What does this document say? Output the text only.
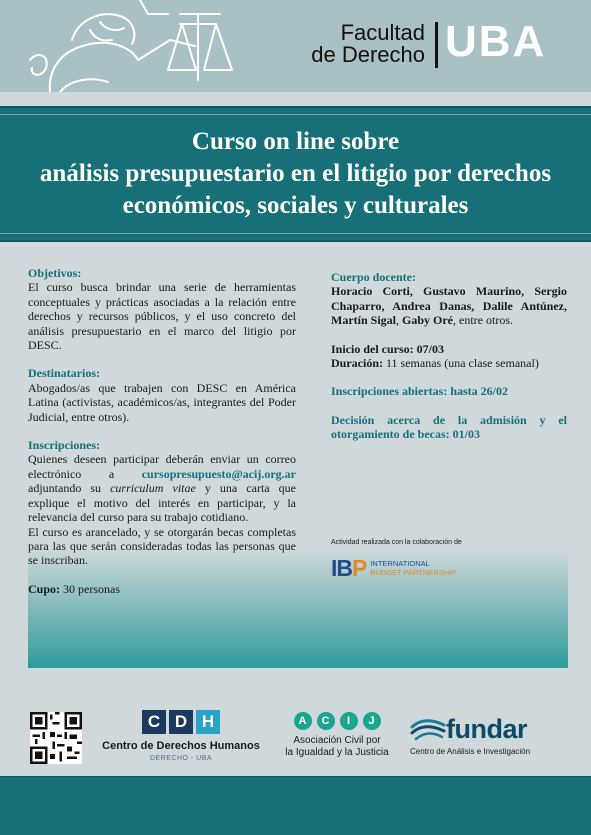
Facultad
de Derecho UBA
Curso on line sobre
análisis presupuestario en el litigio por derechos
económicos, sociales y culturales
Objetivos:
El curso busca brindar una serie de herramientas conceptuales y prácticas asociadas a la relación entre derechos y recursos públicos, y el uso concreto del análisis presupuestario en el marco del litigio por DESC.
Destinatarios:
Abogados/as que trabajen con DESC en América Latina (activistas, académicos/as, integrantes del Poder Judicial, entre otros).
Inscripciones:
Quienes deseen participar deberán enviar un correo electrónico a cursopresupuesto@acij.org.ar adjuntando su curriculum vitae y una carta que explique el motivo del interés en participar, y la relevancia del curso para su trabajo cotidiano.
El curso es arancelado, y se otorgarán becas completas para las que serán consideradas todas las personas que se inscriban.
Cupo: 30 personas
Cuerpo docente:
Horacio Corti, Gustavo Maurino, Sergio Chaparro, Andrea Danas, Dalile Antúnez, Martín Sigal, Gaby Oré, entre otros.
Inicio del curso: 07/03
Duración: 11 semanas (una clase semanal)
Inscripciones abiertas: hasta 26/02
Decisión acerca de la admisión y el otorgamiento de becas: 01/03
Actividad realizada con la colaboración de
IBP INTERNATIONAL
BUDGET PARTNERSHIP
C D H
Centro de Derechos Humanos
DERECHO - UBA
A	C	I	J
Asociación Civil por
la Igualdad y la Justicia
fundar
Centro de Análisis e Investigación
